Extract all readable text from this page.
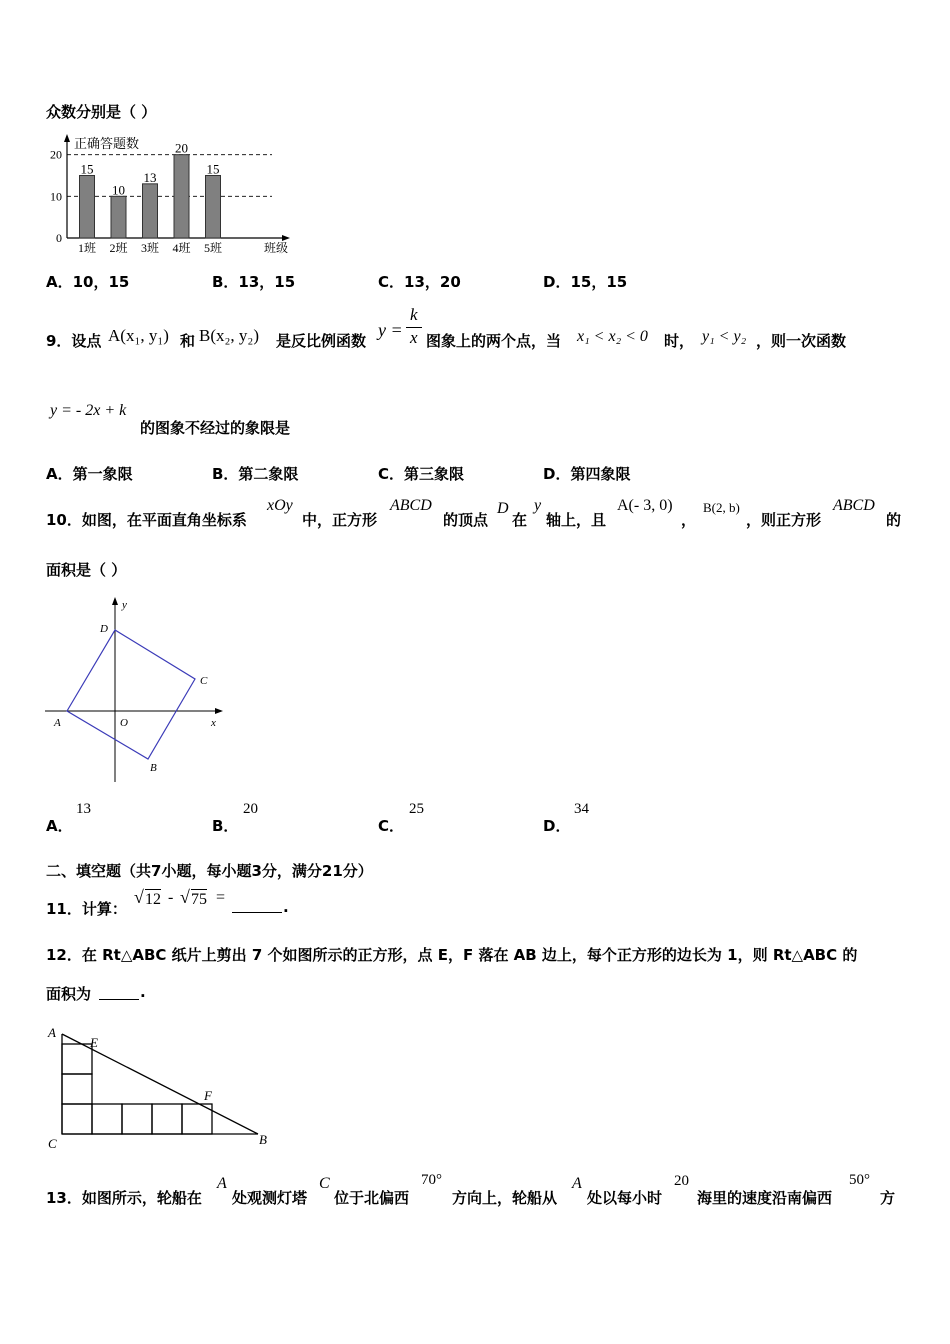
众数分别是（ ）
正确答题数
班级
0
10
20
15
1班
10
2班
13
3班
20
4班
15
5班
A．10，15	B．13，15	C．13，20	D．15，15
9．设点 A(x₁, y₁) 和 B(x₂, y₂) 是反比例函数
y =
k
x 图象上的两个点，当 x₁ < x₂ < 0 时， y₁ < y₂ ，则一次函数
y = - 2x + k
的图象不经过的象限是
A．第一象限	B．第二象限	C．第三象限	D．第四象限
10．如图，在平面直角坐标系
xOy
中，正方形
ABCD
的顶点
D
在
y
轴上，且
A(- 3, 0)
，
B(2, b)
，则正方形
ABCD
的
面积是（ ）
y
x
D
C
A	O
B
A．
13
B．
20
C．
25
D．
34
二、填空题（共7小题，每小题3分，满分21分）
11．计算：
√ 12 - √ 75 =
.
12．在 Rt△ABC 纸片上剪出 7 个如图所示的正方形，点 E，F 落在 AB 边上，每个正方形的边长为 1，则 Rt△ABC 的
面积为	.
A
E
F
C	B
13．如图所示，轮船在
A
处观测灯塔
C
位于北偏西
70°
方向上，轮船从
A
处以每小时
20
海里的速度沿南偏西
50°
方
